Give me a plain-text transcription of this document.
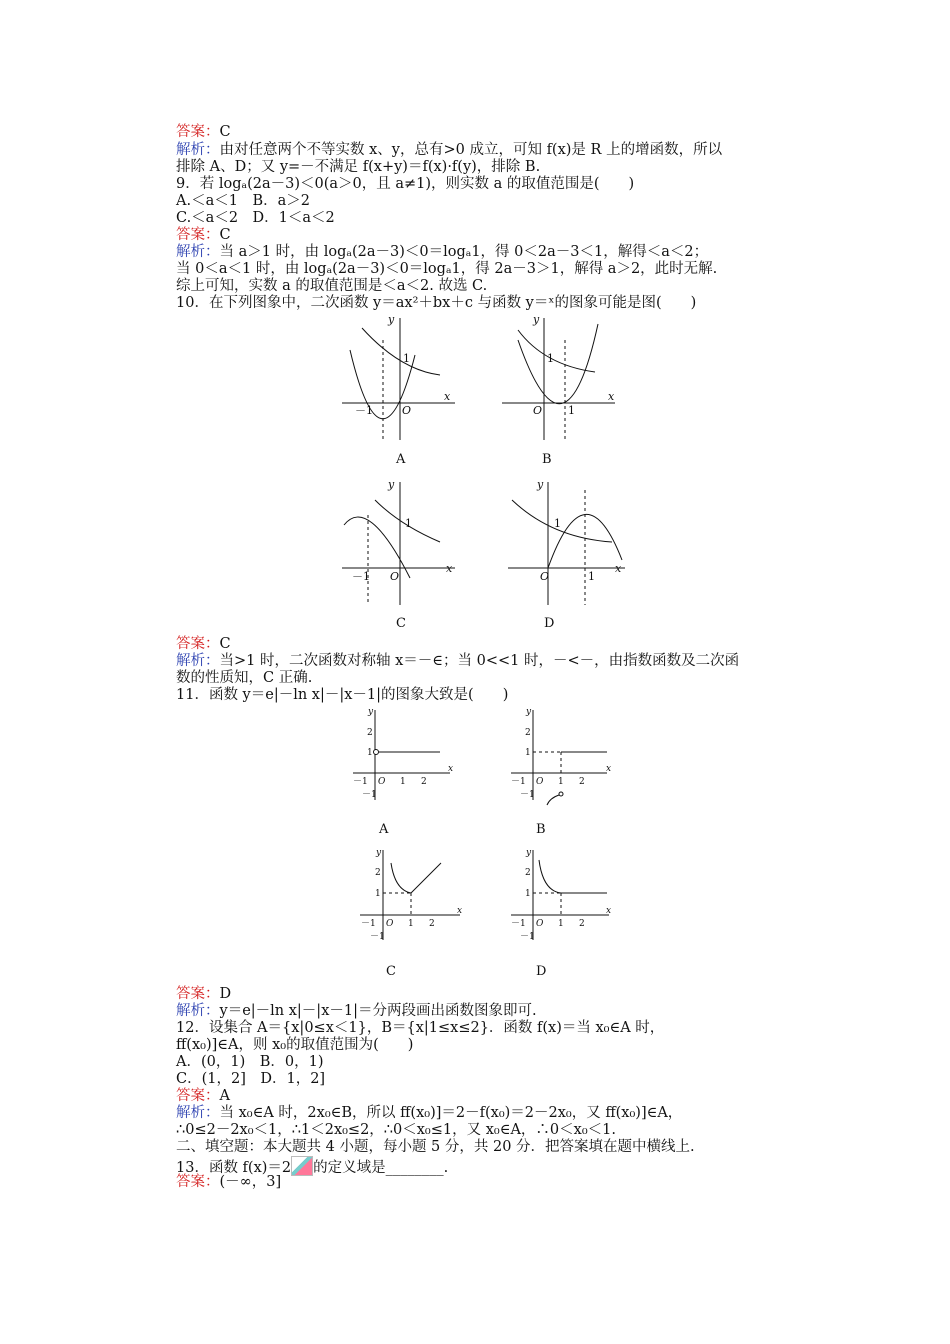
答案：C
解析：由对任意两个不等实数 x、y，总有>0 成立，可知 f(x)是 R 上的增函数，所以
排除 A、D；又 y=－不满足 f(x+y)＝f(x)·f(y)，排除 B.
9．若 logₐ(2a－3)＜0(a＞0，且 a≠1)，则实数 a 的取值范围是(　　)
A.＜a＜1　B．a＞2
C.＜a＜2　D．1＜a＜2
答案：C
解析：当 a＞1 时，由 logₐ(2a－3)＜0＝logₐ1，得 0＜2a－3＜1，解得＜a＜2；
当 0＜a＜1 时，由 logₐ(2a－3)＜0＝logₐ1，得 2a－3＞1，解得 a＞2，此时无解.
综上可知，实数 a 的取值范围是＜a＜2. 故选 C.
10．在下列图象中，二次函数 y＝ax²＋bx＋c 与函数 y＝ˣ的图象可能是图(　　)
y
x
O
1
－1
A
y
x
O
1
1
B
y
x
O
1
－1
C
y
x
O
1
1
D
答案：C
解析：当>1 时，二次函数对称轴 x＝－∈；当 0<<1 时，－<－，由指数函数及二次函
数的性质知，C 正确.
11．函数 y＝e|－ln x|－|x－1|的图象大致是(　　)
y
x
2
1
－1
O
－1	1 2
A
y
x
2
1
－1
O
－1	1 2
B
y
x
2
1
－1
O
－1	1 2
C
y
x
2
1
－1
O
－1	1 2
D
答案：D
解析：y＝e|－ln x|－|x－1|＝分两段画出函数图象即可.
12．设集合 A＝{x|0≤x＜1}，B＝{x|1≤x≤2}．函数 f(x)＝当 x₀∈A 时，
ff(x₀)]∈A，则 x₀的取值范围为(　　)
A．(0，1)　B．0，1)
C．(1，2]　D．1，2]
答案：A
解析：当 x₀∈A 时，2x₀∈B，所以 ff(x₀)]＝2－f(x₀)＝2－2x₀，又 ff(x₀)]∈A，
∴0≤2－2x₀＜1，∴1＜2x₀≤2，∴0＜x₀≤1，又 x₀∈A，∴0＜x₀＜1.
二、填空题：本大题共 4 小题，每小题 5 分，共 20 分．把答案填在题中横线上.
13．函数 f(x)＝2 的定义域是________.
答案：(－∞，3]
